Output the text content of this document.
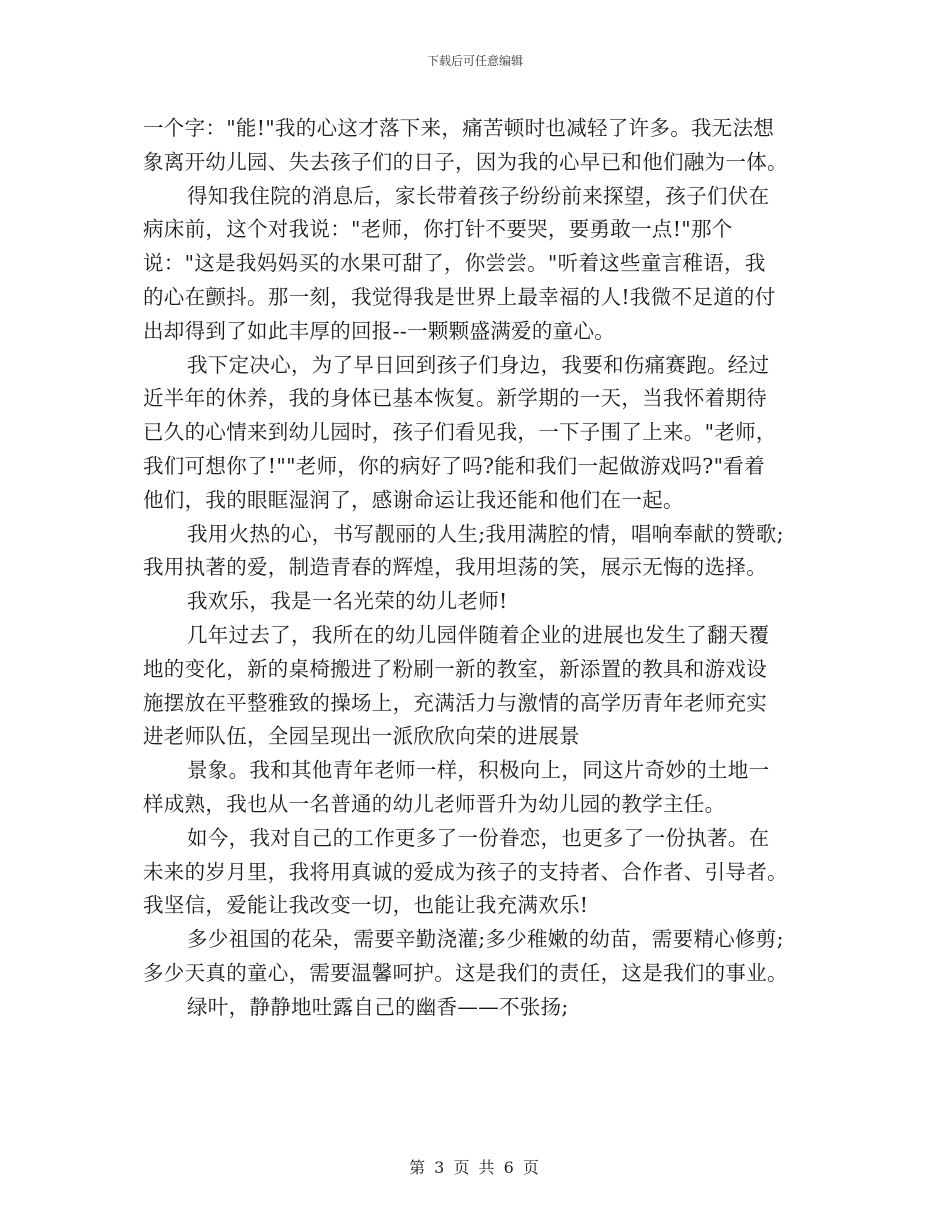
下载后可任意编辑
一个字："能!"我的心这才落下来，痛苦顿时也减轻了许多。我无法想
象离开幼儿园、失去孩子们的日子，因为我的心早已和他们融为一体。
得知我住院的消息后，家长带着孩子纷纷前来探望，孩子们伏在
病床前，这个对我说："老师，你打针不要哭，要勇敢一点!"那个
说："这是我妈妈买的水果可甜了，你尝尝。"听着这些童言稚语，我
的心在颤抖。那一刻，我觉得我是世界上最幸福的人!我微不足道的付
出却得到了如此丰厚的回报--一颗颗盛满爱的童心。
我下定决心，为了早日回到孩子们身边，我要和伤痛赛跑。经过
近半年的休养，我的身体已基本恢复。新学期的一天，当我怀着期待
已久的心情来到幼儿园时，孩子们看见我，一下子围了上来。"老师，
我们可想你了!""老师，你的病好了吗?能和我们一起做游戏吗?"看着
他们，我的眼眶湿润了，感谢命运让我还能和他们在一起。
我用火热的心，书写靓丽的人生;我用满腔的情，唱响奉献的赞歌;
我用执著的爱，制造青春的辉煌，我用坦荡的笑，展示无悔的选择。
我欢乐，我是一名光荣的幼儿老师!
几年过去了，我所在的幼儿园伴随着企业的进展也发生了翻天覆
地的变化，新的桌椅搬进了粉刷一新的教室，新添置的教具和游戏设
施摆放在平整雅致的操场上，充满活力与激情的高学历青年老师充实
进老师队伍，全园呈现出一派欣欣向荣的进展景
景象。我和其他青年老师一样，积极向上，同这片奇妙的土地一
样成熟，我也从一名普通的幼儿老师晋升为幼儿园的教学主任。
如今，我对自己的工作更多了一份眷恋，也更多了一份执著。在
未来的岁月里，我将用真诚的爱成为孩子的支持者、合作者、引导者。
我坚信，爱能让我改变一切，也能让我充满欢乐!
多少祖国的花朵，需要辛勤浇灌;多少稚嫩的幼苗，需要精心修剪;
多少天真的童心，需要温馨呵护。这是我们的责任，这是我们的事业。
绿叶，静静地吐露自己的幽香——不张扬;
第 3 页 共 6 页
